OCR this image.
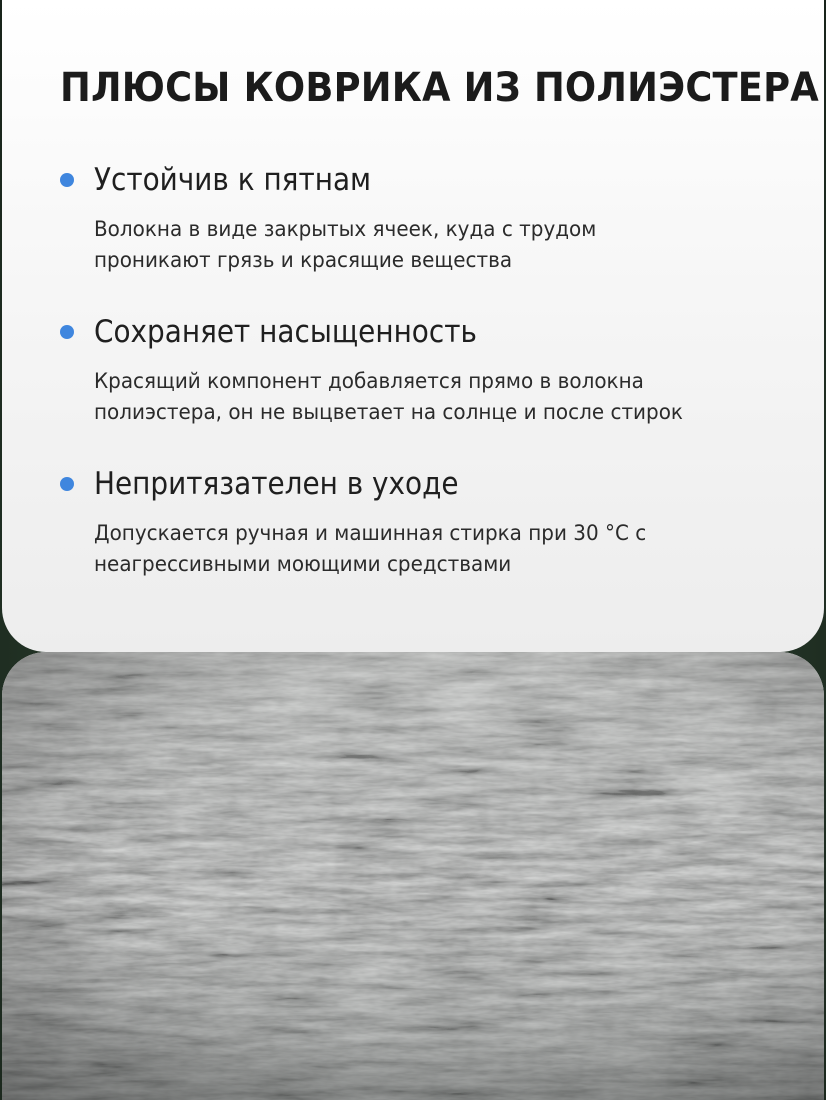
ПЛЮСЫ КОВРИКА ИЗ ПОЛИЭСТЕРА
Устойчив к пятнам
Волокна в виде закрытых ячеек, куда с трудом проникают грязь и красящие вещества
Сохраняет насыщенность
Красящий компонент добавляется прямо в волокна полиэстера, он не выцветает на солнце и после стирок
Непритязателен в уходе
Допускается ручная и машинная стирка при 30 °С с неагрессивными моющими средствами
